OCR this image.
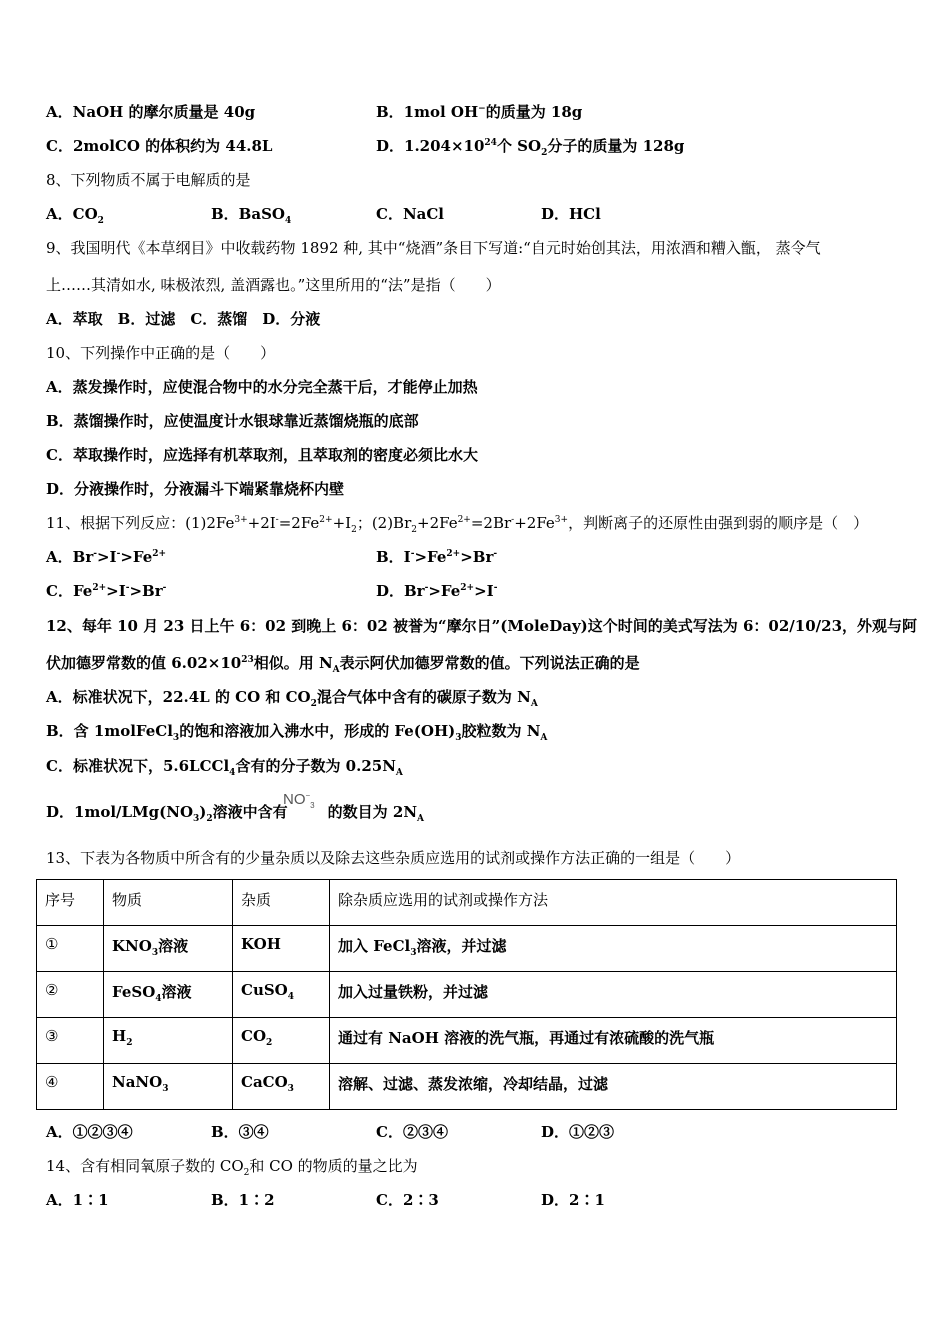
A．NaOH 的摩尔质量是 40g	B．1mol OH−的质量为 18g
C．2molCO 的体积约为 44.8L	D．$1.204\times 10^{24}$个 $SO_2$分子的质量为 128g
8、下列物质不属于电解质的是
A．$CO_2$	B．BaSO$_4$	C．NaCl	D．HCl
9、我国明代《本草纲目》中收载药物 1892 种, 其中“烧酒”条目下写道:“自元时始创其法，用浓酒和糟入甑， 蒸令气
上……其清如水, 味极浓烈, 盖酒露也。”这里所用的“法”是指（　　）
A．萃取　B．过滤　C．蒸馏　D．分液
10、下列操作中正确的是（　　）
A．蒸发操作时，应使混合物中的水分完全蒸干后，才能停止加热
B．蒸馏操作时，应使温度计水银球靠近蒸馏烧瓶的底部
C．萃取操作时，应选择有机萃取剂，且萃取剂的密度必须比水大
D．分液操作时，分液漏斗下端紧靠烧杯内壁
11、根据下列反应：$(1)2Fe^{3+}+2I^-=2Fe^{2+}+I_2$；$(2)Br_2+2Fe^{2+}=2Br^-+2Fe^{3+}$，判断离子的还原性由强到弱的顺序是（　）
A．$Br^->I^->Fe^{2+}$	B．$I^->Fe^{2+}>Br^-$
C．$Fe^{2+}>I^->Br^-$	D．$Br^->Fe^{2+}>I^-$
12、每年 10 月 23 日上午 6：02 到晚上 6：02 被誉为“摩尔日”(MoleDay)这个时间的美式写法为 6：02/10/23，外观与阿
伏加德罗常数的值 $6.02\times 10^{23}$相似。用 $N_A$表示阿伏加德罗常数的值。下列说法正确的是
A．标准状况下，22.4L 的 CO 和 $CO_2$混合气体中含有的碳原子数为 $N_A$
B．含 1molFeCl$_3$的饱和溶液加入沸水中，形成的 $Fe(OH)_3$胶粒数为 $N_A$
C．标准状况下，5.6LCCl$_4$含有的分子数为 $0.25N_A$
D．$1mol/LMg(NO_3)_2$溶液中含有	的数目为 $2N_A$
$NO^-_3$
13、下表为各物质中所含有的少量杂质以及除去这些杂质应选用的试剂或操作方法正确的一组是（　　）
序号	物质	杂质	除杂质应选用的试剂或操作方法
①	$KNO_3$溶液	KOH	加入 FeCl$_3$溶液，并过滤
②	FeSO$_4$溶液	CuSO$_4$	加入过量铁粉，并过滤
③	$H_2$	$CO_2$	通过有 NaOH 溶液的洗气瓶，再通过有浓硫酸的洗气瓶
④	NaNO$_3$	CaCO$_3$	溶解、过滤、蒸发浓缩，冷却结晶，过滤
A．①②③④	B．③④	C．②③④	D．①②③
14、含有相同氧原子数的 $CO_2$和 CO 的物质的量之比为
A．1∶1	B．1∶2	C．2∶3	D．2∶1
